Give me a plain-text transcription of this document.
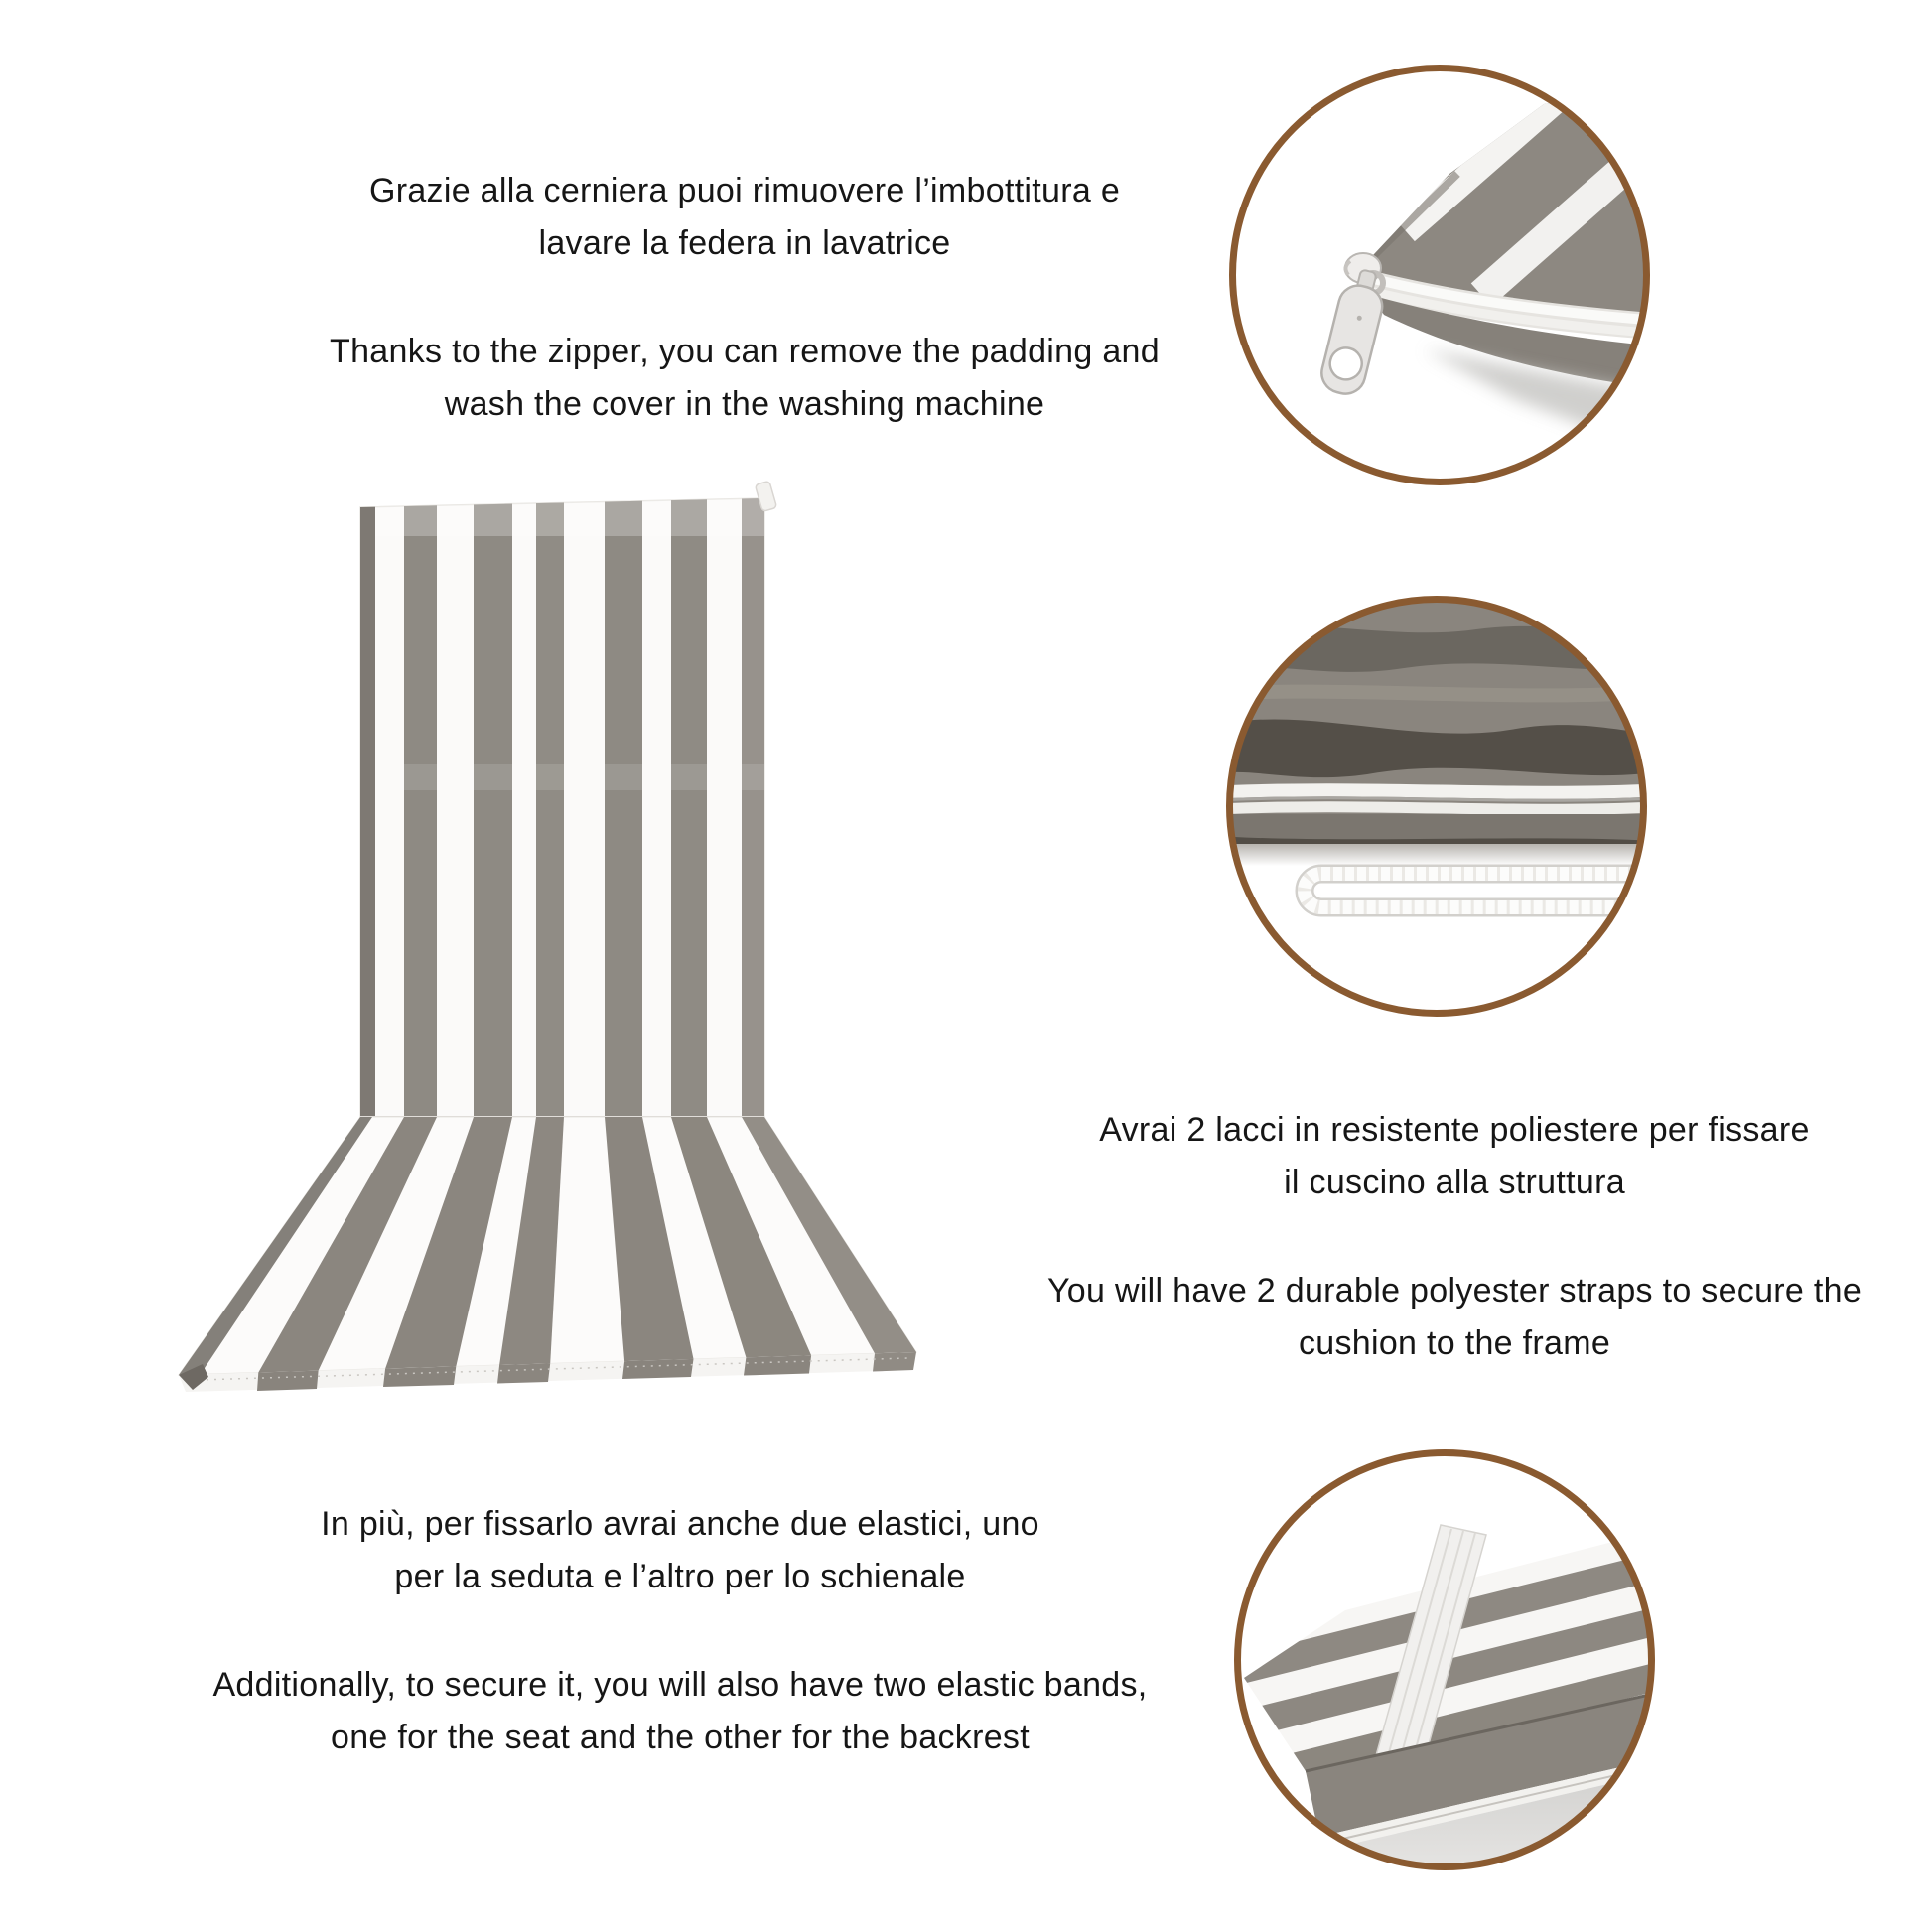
Grazie alla cerniera puoi rimuovere l’imbottitura e
lavare la federa in lavatrice
Thanks to the zipper, you can remove the padding and
wash the cover in the washing machine
Avrai 2 lacci in resistente poliestere per fissare
il cuscino alla struttura
You will have 2 durable polyester straps to secure the
cushion to the frame
In più, per fissarlo avrai anche due elastici, uno
per la seduta e l’altro per lo schienale
Additionally, to secure it, you will also have two elastic bands,
one for the seat and the other for the backrest
